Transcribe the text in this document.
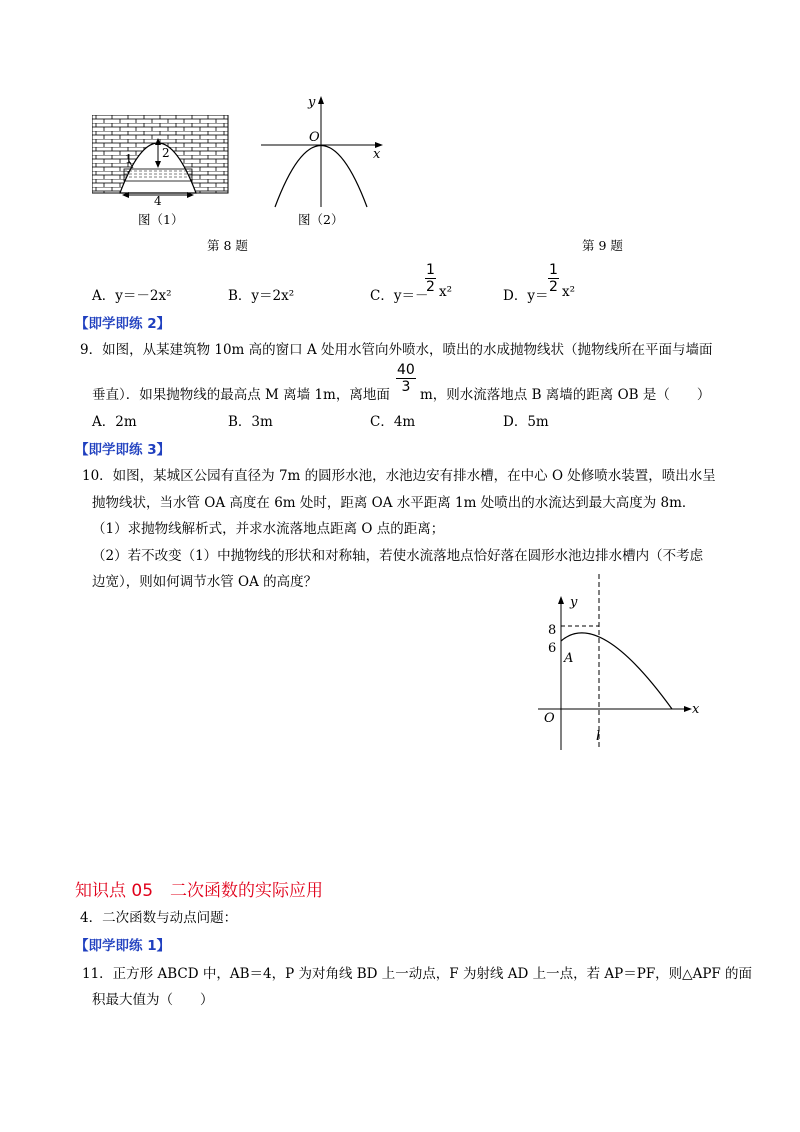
2
1
4
图（1）
y
O
x
图（2）
第 8 题	第 9 题
A．y＝－2x²	B．y＝2x²	C．y＝－
$\frac{1}{2} x^2$	D．y＝
$\frac{1}{2} x^2$
【即学即练 2】
9．如图，从某建筑物 10m 高的窗口 A 处用水管向外喷水，喷出的水成抛物线状（抛物线所在平面与墙面
垂直）．如果抛物线的最高点 M 离墙 1m，离地面 $\frac{40}{3}$ m，则水流落地点 B 离墙的距离 OB 是（　　）
A．2m	B．3m	C．4m	D．5m
【即学即练 3】
10．如图，某城区公园有直径为 7m 的圆形水池，水池边安有排水槽，在中心 O 处修喷水装置，喷出水呈
抛物线状，当水管 OA 高度在 6m 处时，距离 OA 水平距离 1m 处喷出的水流达到最大高度为 8m．
（1）求抛物线解析式，并求水流落地点距离 O 点的距离；
（2）若不改变（1）中抛物线的形状和对称轴，若使水流落地点恰好落在圆形水池边排水槽内（不考虑
边宽），则如何调节水管 OA 的高度？
y
8
6
A
O
l
x
知识点 05　二次函数的实际应用
4．二次函数与动点问题：
【即学即练 1】
11．正方形 ABCD 中，AB＝4，P 为对角线 BD 上一动点，F 为射线 AD 上一点，若 AP＝PF，则△APF 的面
积最大值为（　　）
